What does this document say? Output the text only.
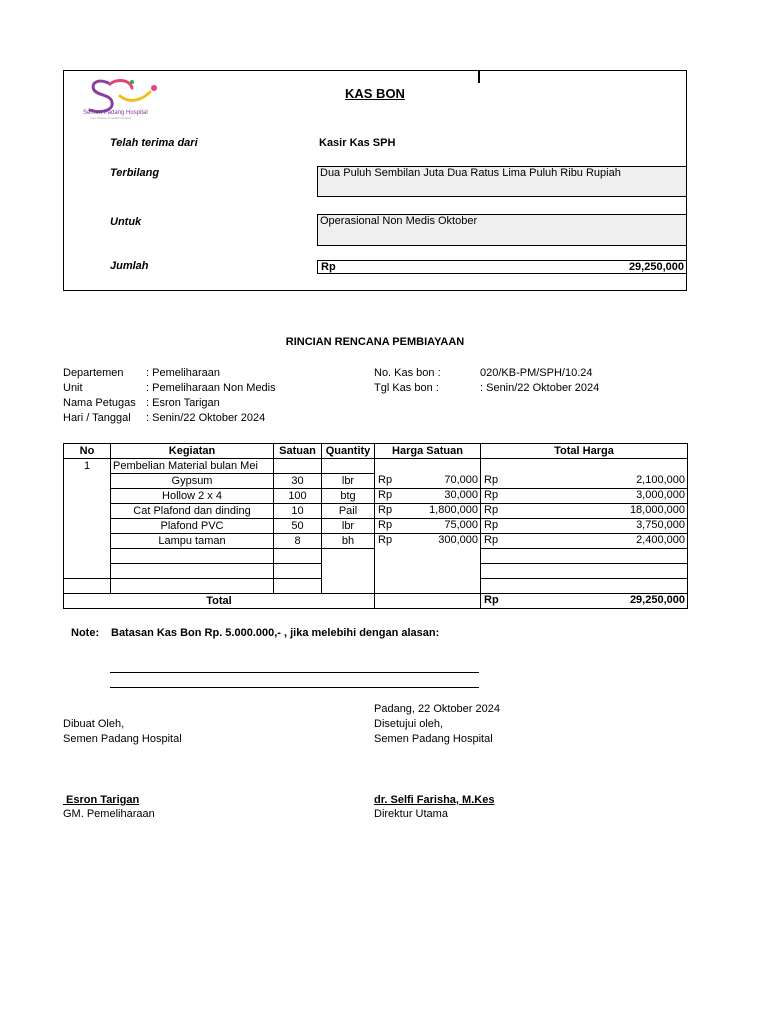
Semen Padang Hospital
Your Partner of Health Solution
KAS BON
Telah terima dari	Kasir Kas SPH
Terbilang	Dua Puluh Sembilan Juta Dua Ratus Lima Puluh Ribu Rupiah
Untuk	Operasional Non Medis Oktober
Jumlah	Rp	29,250,000
RINCIAN RENCANA PEMBIAYAAN
Departemen : Pemeliharaan
Unit	: Pemeliharaan Non Medis
Nama Petugas : Esron Tarigan
Hari / Tanggal : Senin/22 Oktober 2024
No. Kas bon :	020/KB-PM/SPH/10.24
Tgl Kas bon :	: Senin/22 Oktober 2024
No	Kegiatan	Satuan	Quantity	Harga Satuan	Total Harga
1	Pembelian Material bulan Mei				
	Gypsum	30	lbr	Rp 70,000	Rp 2,100,000

	Hollow 2 x 4	100	btg	Rp 30,000	Rp 3,000,000

	Cat Plafond dan dinding	10	Pail	Rp 1,800,000	Rp 18,000,000

	Plafond PVC	50	lbr	Rp 75,000	Rp 3,750,000

	Lampu taman	8	bh	Rp 300,000	Rp 2,400,000

Total					Rp 29,250,000
Note: Batasan Kas Bon Rp. 5.000.000,- , jika melebihi dengan alasan:
Padang, 22 Oktober 2024
Dibuat Oleh,
Semen Padang Hospital
Disetujui oleh,
Semen Padang Hospital
Esron Tarigan
GM. Pemeliharaan
dr. Selfi Farisha, M.Kes
Direktur Utama
